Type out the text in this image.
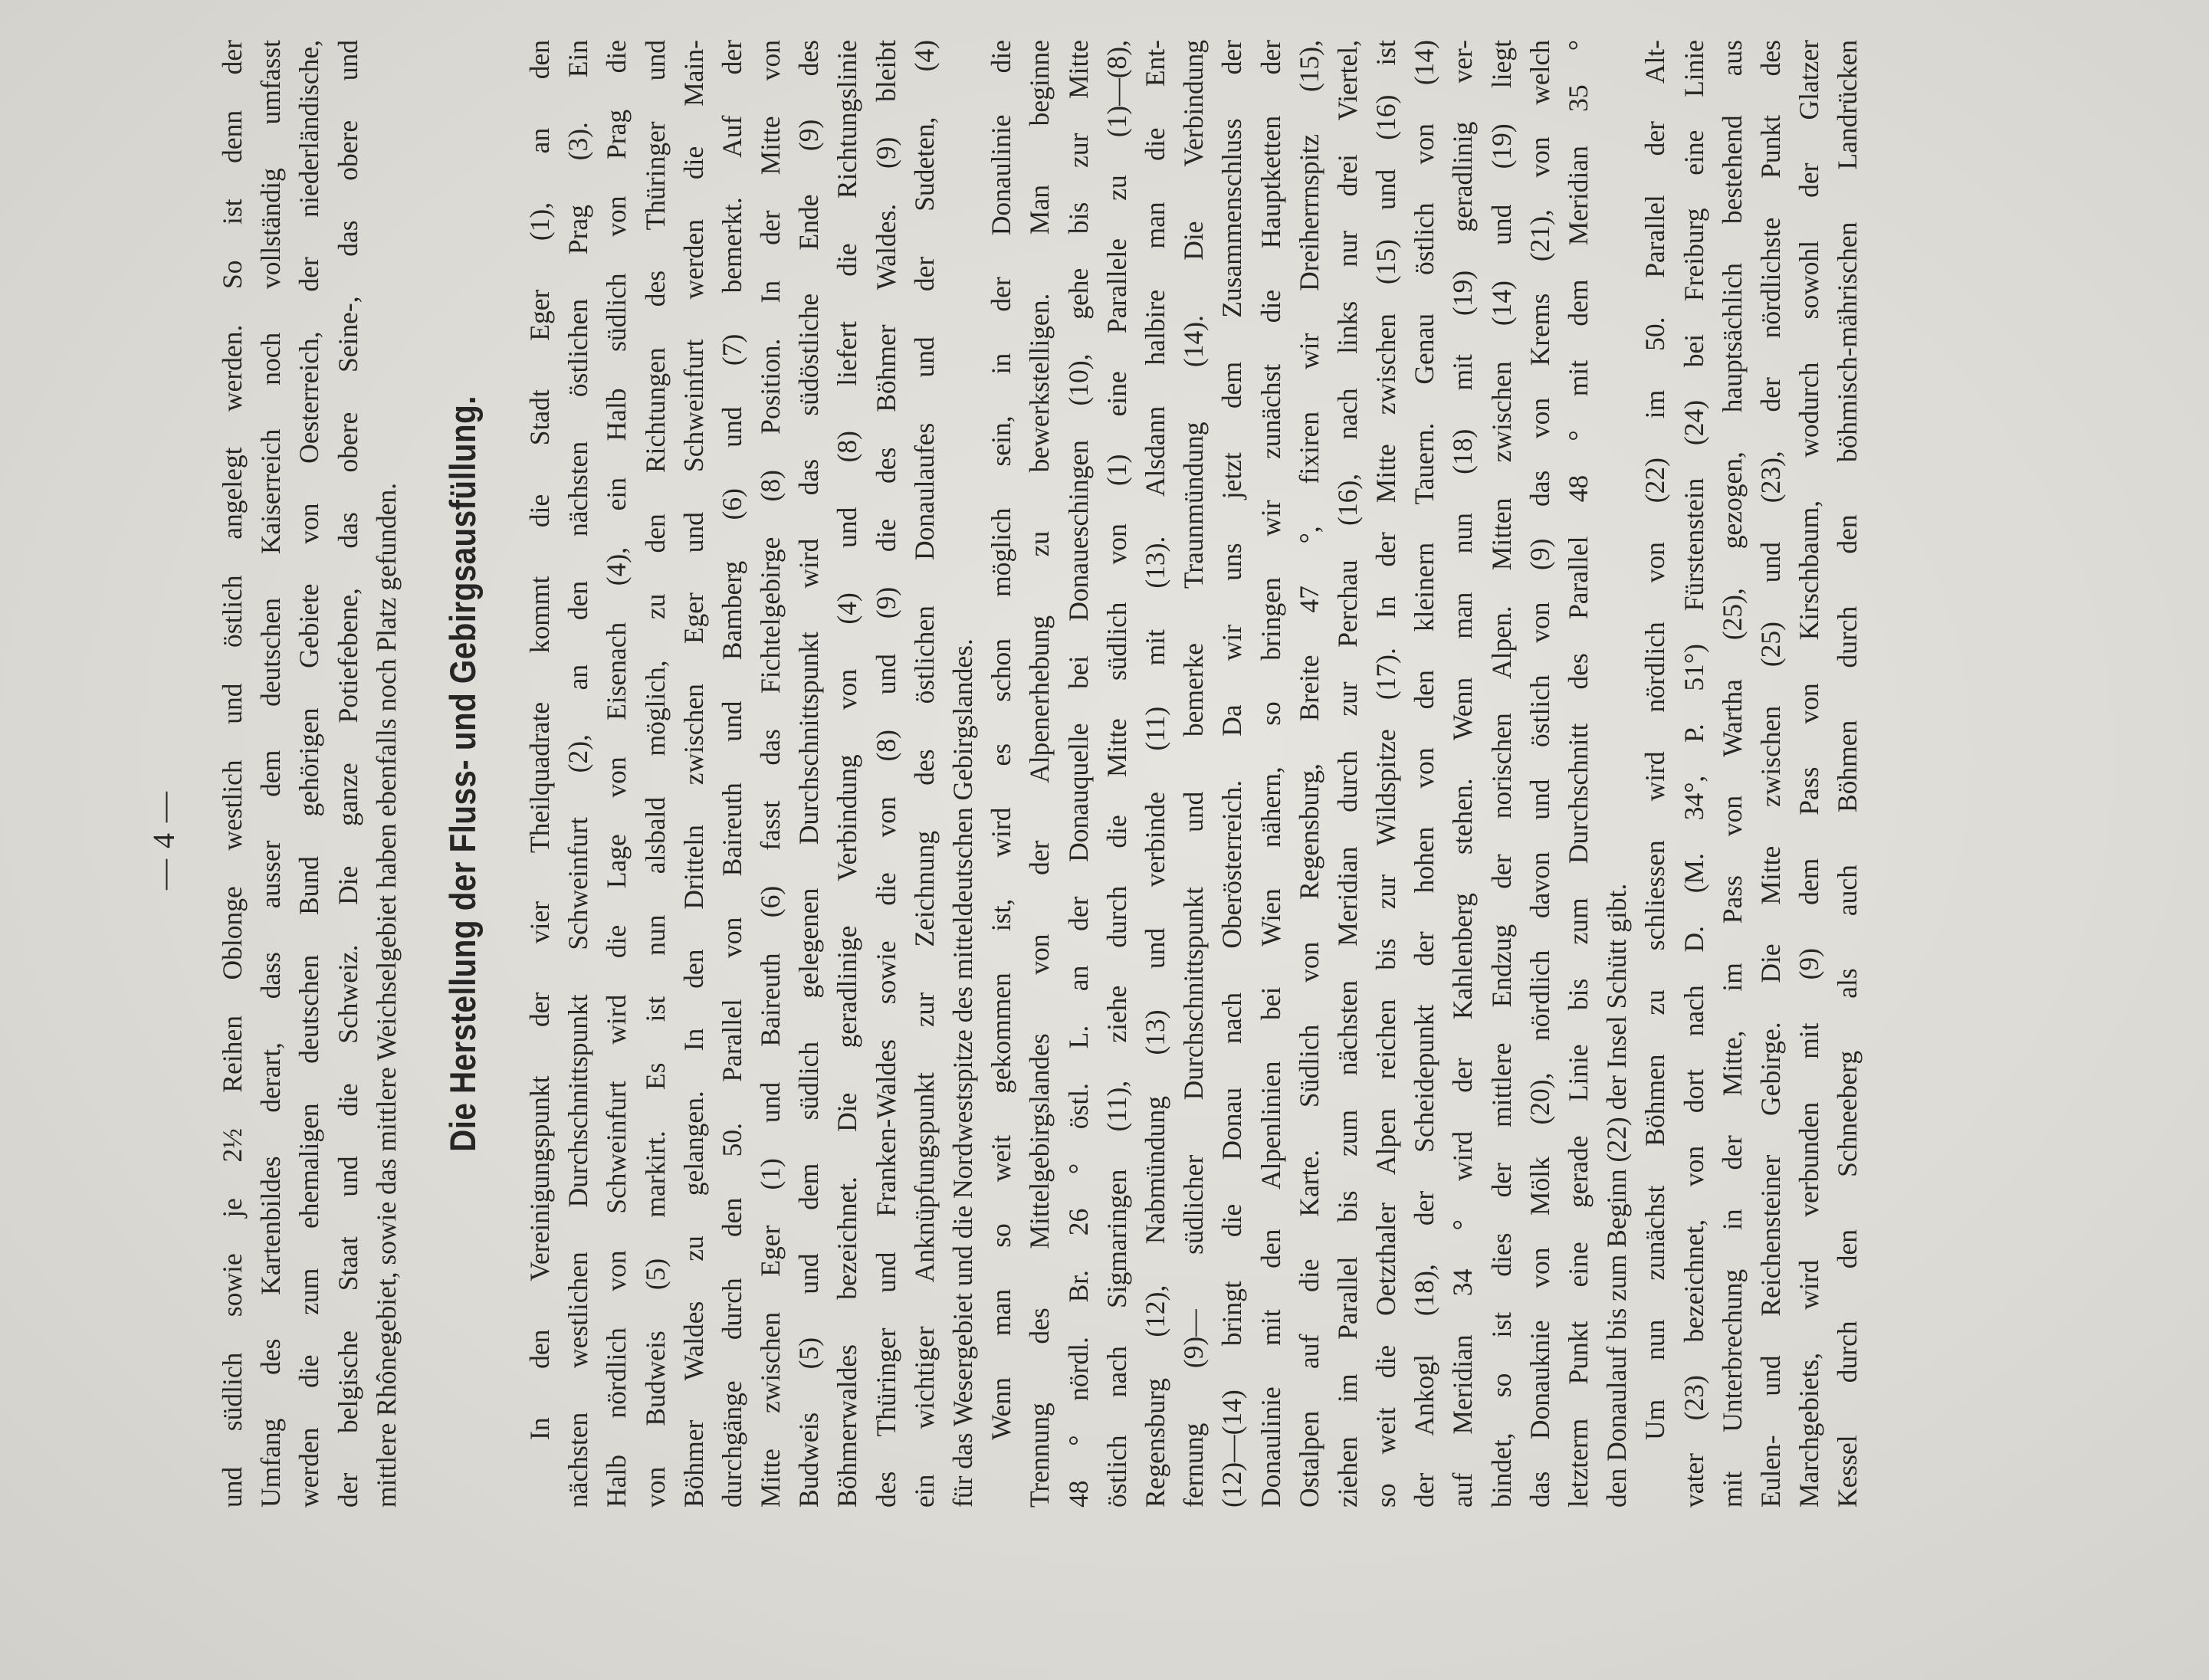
— 4 — und südlich sowie je 2½ Reihen Oblonge westlich und östlich angelegt werden. So ist denn der Umfang des Kartenbildes derart, dass ausser dem deutschen Kaiserreich noch vollständig umfasst werden die zum ehemaligen deutschen Bund gehörigen Gebiete von Oesterreich, der niederländische, der belgische Staat und die Schweiz. Die ganze Potiefebene, das obere Seine-, das obere und mittlere Rhônegebiet, sowie das mittlere Weichselgebiet haben ebenfalls noch Platz gefunden.	Die Herstellung der Fluss- und Gebirgsausfüllung.	In den Vereinigungspunkt der vier Theilquadrate kommt die Stadt Eger (1), an den nächsten westlichen Durchschnittspunkt Schweinfurt (2), an den nächsten östlichen Prag (3). Ein Halb nördlich von Schweinfurt wird die Lage von Eisenach (4), ein Halb südlich von Prag die von Budweis (5) markirt. Es ist nun alsbald möglich, zu den Richtungen des Thüringer und Böhmer Waldes zu gelangen. In den Dritteln zwischen Eger und Schweinfurt werden die Main- durchgänge durch den 50. Parallel von Baireuth und Bamberg (6) und (7) bemerkt. Auf der Mitte zwischen Eger (1) und Baireuth (6) fasst das Fichtelgebirge (8) Position. In der Mitte von Budweis (5) und dem südlich gelegenen Durchschnittspunkt wird das südöstliche Ende (9) des Böhmerwaldes bezeichnet. Die geradlinige Verbindung von (4) und (8) liefert die Richtungslinie des Thüringer und Franken-Waldes sowie die von (8) und (9) die des Böhmer Waldes. (9) bleibt ein wichtiger Anknüpfungspunkt zur Zeichnung des östlichen Donaulaufes und der Sudeten, (4) für das Wesergebiet und die Nordwestspitze des mitteldeutschen Gebirgslandes. Wenn man so weit gekommen ist, wird es schon möglich sein, in der Donaulinie die Trennung des Mittelgebirgslandes von der Alpenerhebung zu bewerkstelligen. Man beginne 48 ° nördl. Br. 26 ° östl. L. an der Donauquelle bei Donaueschingen (10), gehe bis zur Mitte östlich nach Sigmaringen (11), ziehe durch die Mitte südlich von (1) eine Parallele zu (1)—(8), Regensburg (12), Nabmündung (13) und verbinde (11) mit (13). Alsdann halbire man die Ent- fernung (9)— südlicher Durchschnittspunkt und bemerke Traunmündung (14). Die Verbindung (12)—(14) bringt die Donau nach Oberösterreich. Da wir uns jetzt dem Zusammenschluss der Donaulinie mit den Alpenlinien bei Wien nähern, so bringen wir zunächst die Hauptketten der Ostalpen auf die Karte. Südlich von Regensburg, Breite 47 °, fixiren wir Dreiherrnspitz (15), ziehen im Parallel bis zum nächsten Meridian durch zur Perchau (16), nach links nur drei Viertel, so weit die Oetzthaler Alpen reichen bis zur Wildspitze (17). In der Mitte zwischen (15) und (16) ist der Ankogl (18), der Scheidepunkt der hohen von den kleinern Tauern. Genau östlich von (14) auf Meridian 34 ° wird der Kahlenberg stehen. Wenn man nun (18) mit (19) geradlinig ver- bindet, so ist dies der mittlere Endzug der norischen Alpen. Mitten zwischen (14) und (19) liegt das Donauknie von Mölk (20), nördlich davon und östlich von (9) das von Krems (21), von welch letzterm Punkt eine gerade Linie bis zum Durchschnitt des Parallel 48 ° mit dem Meridian 35 ° den Donaulauf bis zum Beginn (22) der Insel Schütt gibt. Um nun zunächst Böhmen zu schliessen wird nördlich von (22) im 50. Parallel der Alt- vater (23) bezeichnet, von dort nach D. (M. 34°, P. 51°) Fürstenstein (24) bei Freiburg eine Linie mit Unterbrechung in der Mitte, im Pass von Wartha (25), gezogen, hauptsächlich bestehend aus Eulen- und Reichensteiner Gebirge. Die Mitte zwischen (25) und (23), der nördlichste Punkt des Marchgebiets, wird verbunden mit (9) dem Pass von Kirschbaum, wodurch sowohl der Glatzer Kessel durch den Schneeberg als auch Böhmen durch den böhmisch-mährischen Landrücken
